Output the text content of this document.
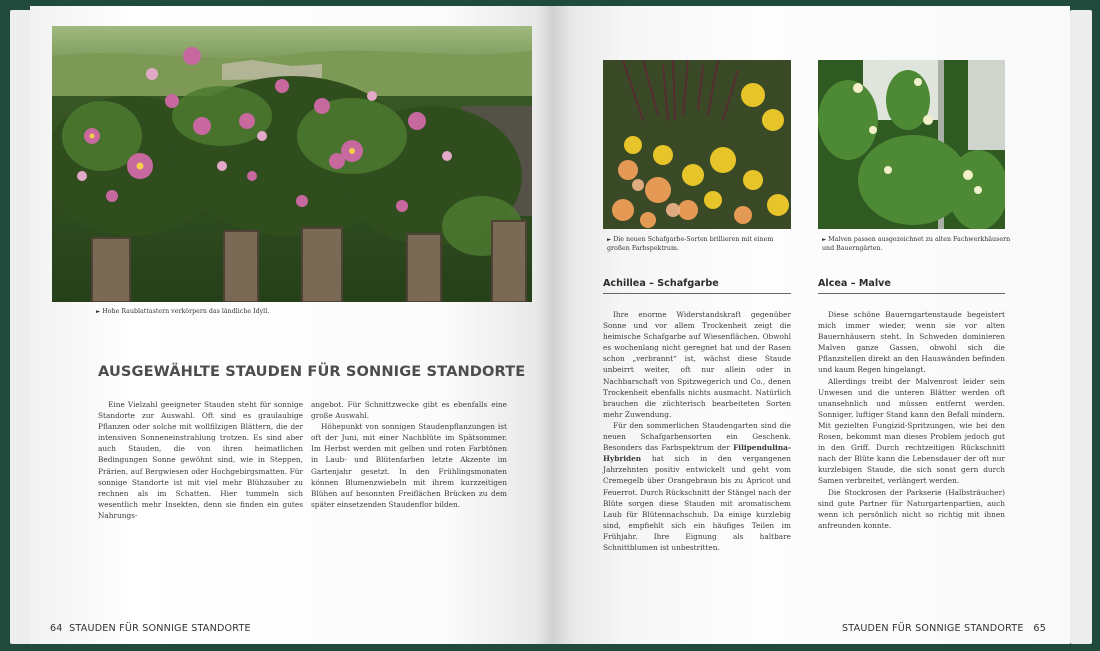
► Hohe Raublattastern verkörpern das ländliche Idyll.
AUSGEWÄHLTE STAUDEN FÜR SONNIGE STANDORTE

Eine Vielzahl geeigneter Stauden steht für sonnige Standorte zur Auswahl. Oft sind es graulaubige Pflanzen oder solche mit wollfilzigen Blättern, die der intensiven Sonneneinstrahlung trotzen. Es sind aber auch Stauden, die von ihren heimatlichen Bedingungen Sonne gewöhnt sind, wie in Steppen, Prärien, auf Bergwiesen oder Hochgebirgsmatten. Für sonnige Standorte ist mit viel mehr Blühzauber zu rechnen als im Schatten. Hier tummeln sich wesentlich mehr Insekten, denn sie finden ein gutes Nahrungs-

angebot. Für Schnittzwecke gibt es ebenfalls eine große Auswahl.

Höhepunkt von sonnigen Staudenpflanzungen ist oft der Juni, mit einer Nachblüte im Spätsommer. Im Herbst werden mit gelben und roten Farbtönen in Laub- und Blütenfarben letzte Akzente im Gartenjahr gesetzt. In den Frühlingsmonaten können Blumenzwiebeln mit ihrem kurzzeitigen Blühen auf besonnten Freiflächen Brücken zu dem später einsetzenden Staudenflor bilden.

64 STAUDEN FÜR SONNIGE STANDORTE
► Die neuen Schafgarbe-Sorten brillieren mit einem großen Farbspektrum.
► Malven passen ausgezeichnet zu alten Fachwerkhäusern und Bauerngärten.
Achillea – Schafgarbe	Alcea – Malve

Ihre enorme Widerstandskraft gegenüber Sonne und vor allem Trockenheit zeigt die heimische Schafgarbe auf Wiesenflächen. Obwohl es wochenlang nicht geregnet hat und der Rasen schon „verbrannt“ ist, wächst diese Staude unbeirrt weiter, oft nur allein oder in Nachbarschaft von Spitzwegerich und Co., denen Trockenheit ebenfalls nichts ausmacht. Natürlich brauchen die züchterisch bearbeiteten Sorten mehr Zuwendung.

Für den sommerlichen Staudengarten sind die neuen Schafgarbensorten ein Geschenk. Besonders das Farbspektrum der Filipendulina-Hybriden hat sich in den vergangenen Jahrzehnten positiv entwickelt und geht vom Cremegelb über Orangebraun bis zu Apricot und Feuerrot. Durch Rückschnitt der Stängel nach der Blüte sorgen diese Stauden mit aromatischem Laub für Blütennachschub. Da einige kurzlebig sind, empfiehlt sich ein häufiges Teilen im Frühjahr. Ihre Eignung als haltbare Schnittblumen ist unbestritten.

Diese schöne Bauerngartenstaude begeistert mich immer wieder, wenn sie vor alten Bauernhäusern steht. In Schweden dominieren Malven ganze Gassen, obwohl sich die Pflanzstellen direkt an den Hauswänden befinden und kaum Regen hingelangt.

Allerdings treibt der Malvenrost leider sein Unwesen und die unteren Blätter werden oft unansehnlich und müssen entfernt werden. Sonniger, luftiger Stand kann den Befall mindern. Mit gezielten Fungizid-Spritzungen, wie bei den Rosen, bekommt man dieses Problem jedoch gut in den Griff. Durch rechtzeitigen Rückschnitt nach der Blüte kann die Lebensdauer der oft nur kurzlebigen Staude, die sich sonst gern durch Samen verbreitet, verlängert werden.

Die Stockrosen der Parkserie (Halbsträucher) sind gute Partner für Naturgartenpartien, auch wenn ich persönlich nicht so richtig mit ihnen anfreunden konnte.

STAUDEN FÜR SONNIGE STANDORTE 65
